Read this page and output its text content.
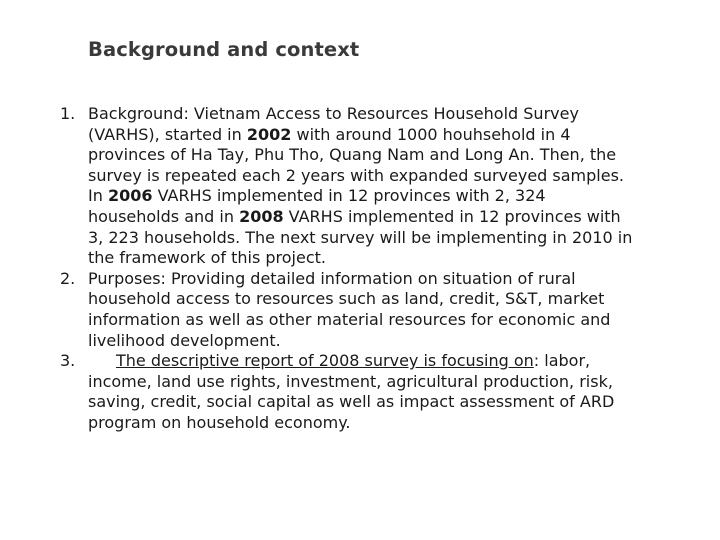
Background and context
1. Background: Vietnam Access to Resources Household Survey
(VARHS), started in 2002 with around 1000 houhsehold in 4
provinces of Ha Tay, Phu Tho, Quang Nam and Long An. Then, the
survey is repeated each 2 years with expanded surveyed samples.
In 2006 VARHS implemented in 12 provinces with 2, 324
households and in 2008 VARHS implemented in 12 provinces with
3, 223 households. The next survey will be implementing in 2010 in
the framework of this project.
2. Purposes: Providing detailed information on situation of rural
household access to resources such as land, credit, S&T, market
information as well as other material resources for economic and
livelihood development.
3.	The descriptive report of 2008 survey is focusing on: labor,
income, land use rights, investment, agricultural production, risk,
saving, credit, social capital as well as impact assessment of ARD
program on household economy.
